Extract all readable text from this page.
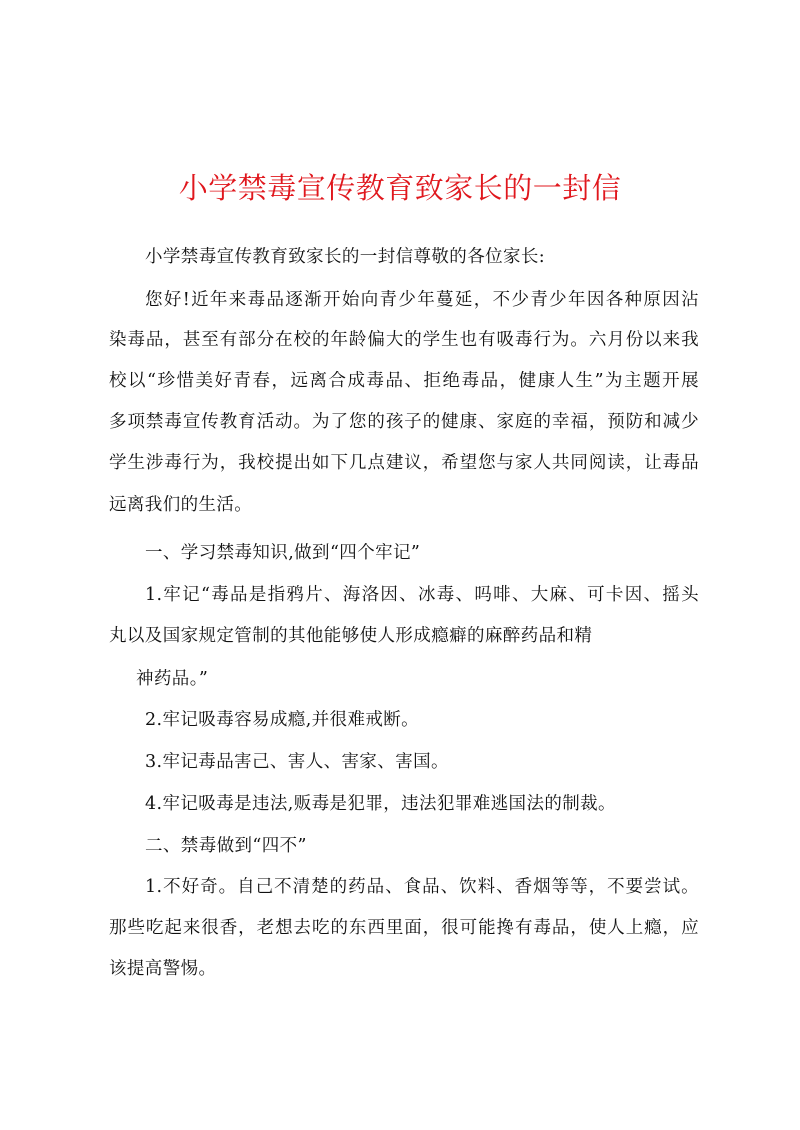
小学禁毒宣传教育致家长的一封信
小学禁毒宣传教育致家长的一封信尊敬的各位家长:
您好!近年来毒品逐渐开始向青少年蔓延，不少青少年因各种原因沾
染毒品，甚至有部分在校的年龄偏大的学生也有吸毒行为。六月份以来我
校以“珍惜美好青春，远离合成毒品、拒绝毒品，健康人生”为主题开展
多项禁毒宣传教育活动。为了您的孩子的健康、家庭的幸福，预防和减少
学生涉毒行为，我校提出如下几点建议，希望您与家人共同阅读，让毒品
远离我们的生活。
一、学习禁毒知识,做到“四个牢记”
1.牢记“毒品是指鸦片、海洛因、冰毒、吗啡、大麻、可卡因、摇头
丸以及国家规定管制的其他能够使人形成瘾癖的麻醉药品和精
神药品。”
2.牢记吸毒容易成瘾,并很难戒断。
3.牢记毒品害己、害人、害家、害国。
4.牢记吸毒是违法,贩毒是犯罪，违法犯罪难逃国法的制裁。
二、禁毒做到“四不”
1.不好奇。自己不清楚的药品、食品、饮料、香烟等等，不要尝试。
那些吃起来很香，老想去吃的东西里面，很可能搀有毒品，使人上瘾，应
该提高警惕。
